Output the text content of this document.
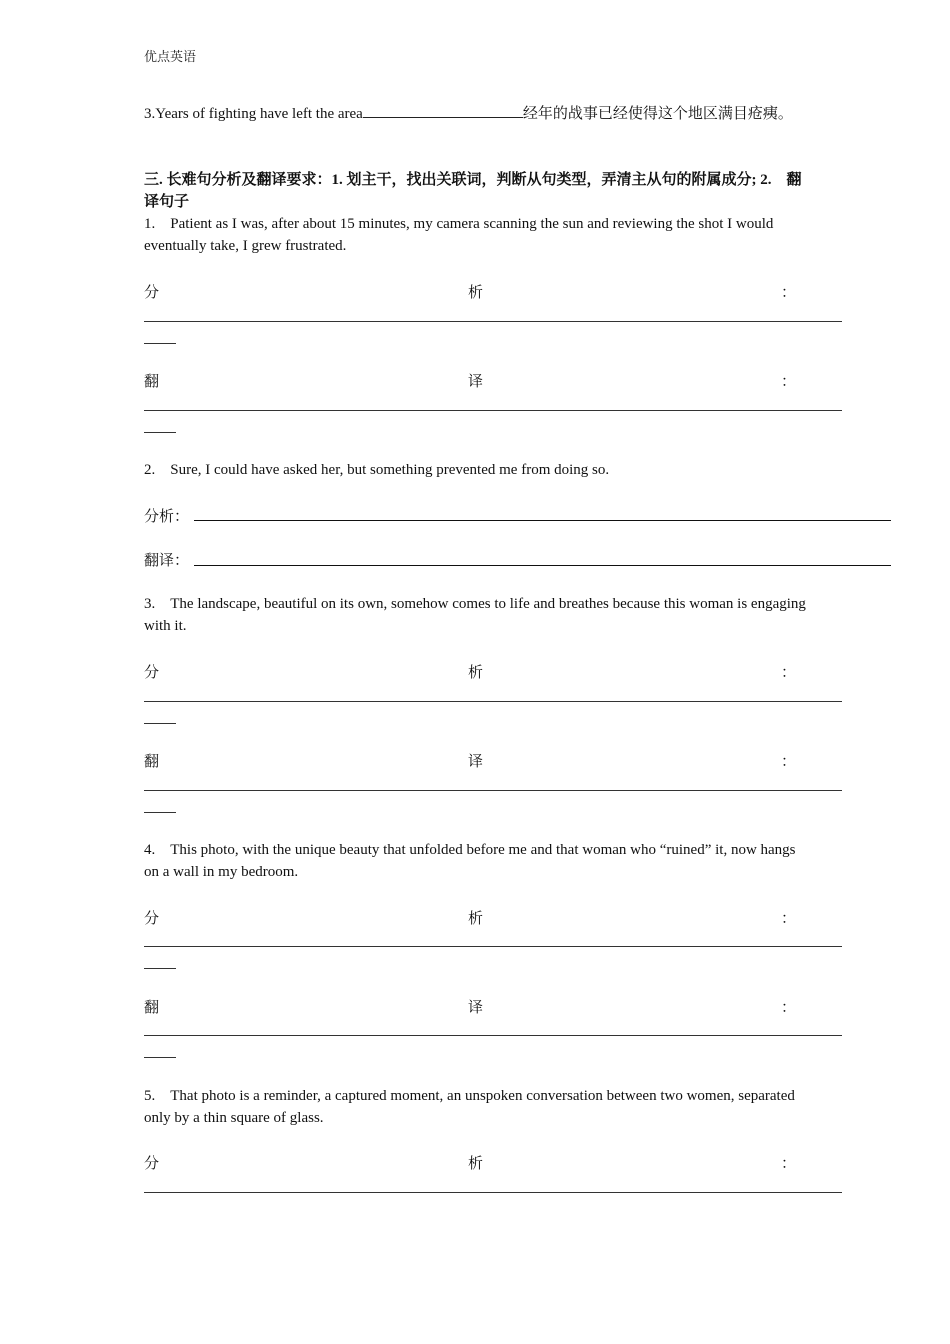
优点英语
3.Years of fighting have left the area	经年的战事已经使得这个地区满目疮痍。
三. 长难句分析及翻译要求：1. 划主干，找出关联词，判断从句类型，弄清主从句的附属成分; 2.　翻译句子
1.　Patient as I was, after about 15 minutes, my camera scanning the sun and reviewing the shot I would eventually take, I grew frustrated.
分	析	：
翻	译	：
2.　Sure, I could have asked her, but something prevented me from doing so.
分析：
翻译：
3.　The landscape, beautiful on its own, somehow comes to life and breathes because this woman is engaging with it.
分	析	：
翻	译	：
4.　This photo, with the unique beauty that unfolded before me and that woman who “ruined” it, now hangs on a wall in my bedroom.
分	析	：
翻	译	：
5.　That photo is a reminder, a captured moment, an unspoken conversation between two women, separated only by a thin square of glass.
分	析	：
